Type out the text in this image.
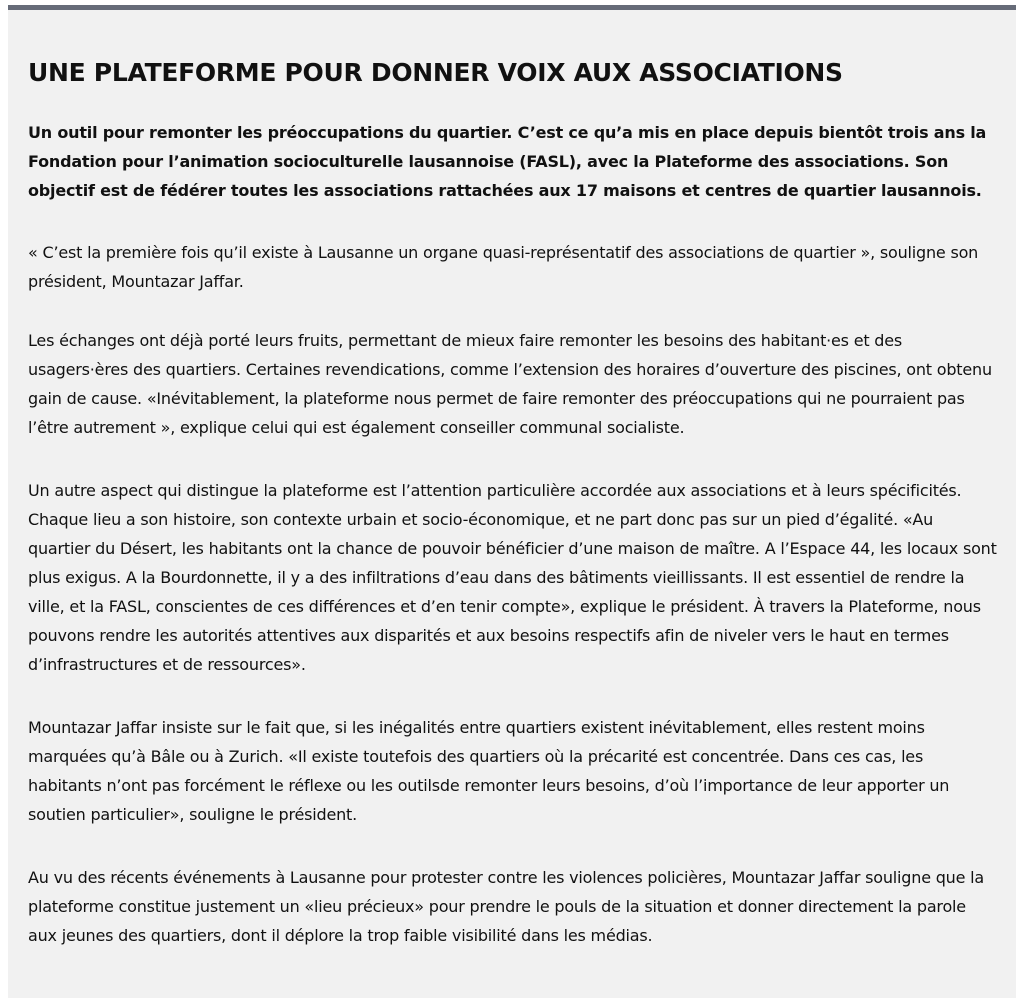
UNE PLATEFORME POUR DONNER VOIX AUX ASSOCIATIONS

Un outil pour remonter les préoccupations du quartier. C’est ce qu’a mis en place depuis bientôt trois ans la Fondation pour l’animation socioculturelle lausannoise (FASL), avec la Plateforme des associations. Son objectif est de fédérer toutes les associations rattachées aux 17 maisons et centres de quartier lausannois.

« C’est la première fois qu’il existe à Lausanne un organe quasi-représentatif des associations de quartier », souligne son président, Mountazar Jaffar.

Les échanges ont déjà porté leurs fruits, permettant de mieux faire remonter les besoins des habitant·es et des usagers·ères des quartiers. Certaines revendications, comme l’extension des horaires d’ouverture des piscines, ont obtenu gain de cause. «Inévitablement, la plateforme nous permet de faire remonter des préoccupations qui ne pourraient pas l’être autrement », explique celui qui est également conseiller communal socialiste.

Un autre aspect qui distingue la plateforme est l’attention particulière accordée aux associations et à leurs spécificités. Chaque lieu a son histoire, son contexte urbain et socio-économique, et ne part donc pas sur un pied d’égalité. «Au quartier du Désert, les habitants ont la chance de pouvoir bénéficier d’une maison de maître. A l’Espace 44, les locaux sont plus exigus. A la Bourdonnette, il y a des infiltrations d’eau dans des bâtiments vieillissants. Il est essentiel de rendre la ville, et la FASL, conscientes de ces différences et d’en tenir compte», explique le président. À travers la Plateforme, nous pouvons rendre les autorités attentives aux disparités et aux besoins respectifs afin de niveler vers le haut en termes d’infrastructures et de ressources».

Mountazar Jaffar insiste sur le fait que, si les inégalités entre quartiers existent inévitablement, elles restent moins marquées qu’à Bâle ou à Zurich. «Il existe toutefois des quartiers où la précarité est concentrée. Dans ces cas, les habitants n’ont pas forcément le réflexe ou les outilsde remonter leurs besoins, d’où l’importance de leur apporter un soutien particulier», souligne le président.

Au vu des récents événements à Lausanne pour protester contre les violences policières, Mountazar Jaffar souligne que la plateforme constitue justement un «lieu précieux» pour prendre le pouls de la situation et donner directement la parole aux jeunes des quartiers, dont il déplore la trop faible visibilité dans les médias.
